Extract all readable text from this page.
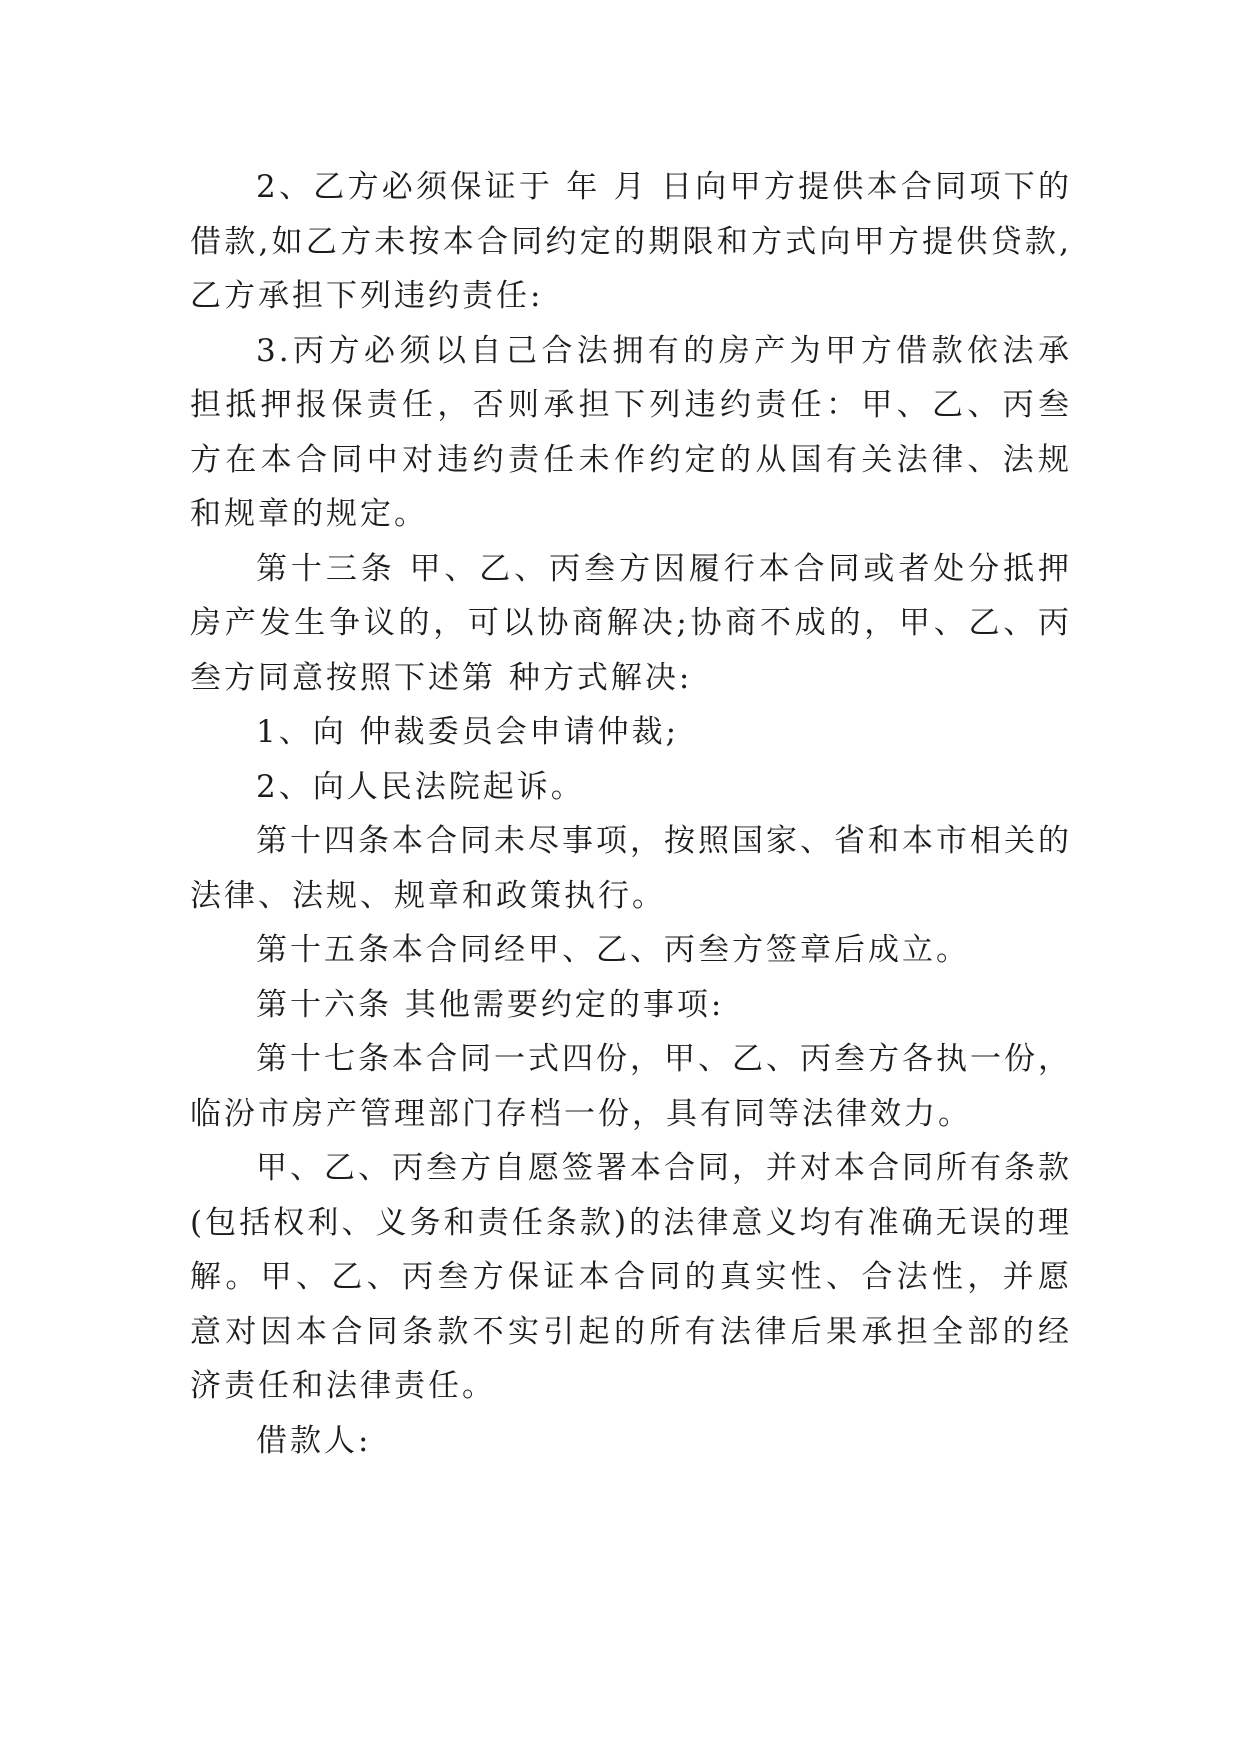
2、乙方必须保证于 年 月 日向甲方提供本合同项下的借款,如乙方未按本合同约定的期限和方式向甲方提供贷款,乙方承担下列违约责任:

3.丙方必须以自己合法拥有的房产为甲方借款依法承担抵押报保责任，否则承担下列违约责任：甲、乙、丙叁方在本合同中对违约责任未作约定的从国有关法律、法规和规章的规定。

第十三条 甲、乙、丙叁方因履行本合同或者处分抵押房产发生争议的，可以协商解决;协商不成的，甲、乙、丙叁方同意按照下述第 种方式解决:

1、向 仲裁委员会申请仲裁;

2、向人民法院起诉。

第十四条本合同未尽事项，按照国家、省和本市相关的法律、法规、规章和政策执行。

第十五条本合同经甲、乙、丙叁方签章后成立。

第十六条 其他需要约定的事项:

第十七条本合同一式四份，甲、乙、丙叁方各执一份，临汾市房产管理部门存档一份，具有同等法律效力。

甲、乙、丙叁方自愿签署本合同，并对本合同所有条款(包括权利、义务和责任条款)的法律意义均有准确无误的理解。甲、乙、丙叁方保证本合同的真实性、合法性，并愿意对因本合同条款不实引起的所有法律后果承担全部的经济责任和法律责任。

借款人:
